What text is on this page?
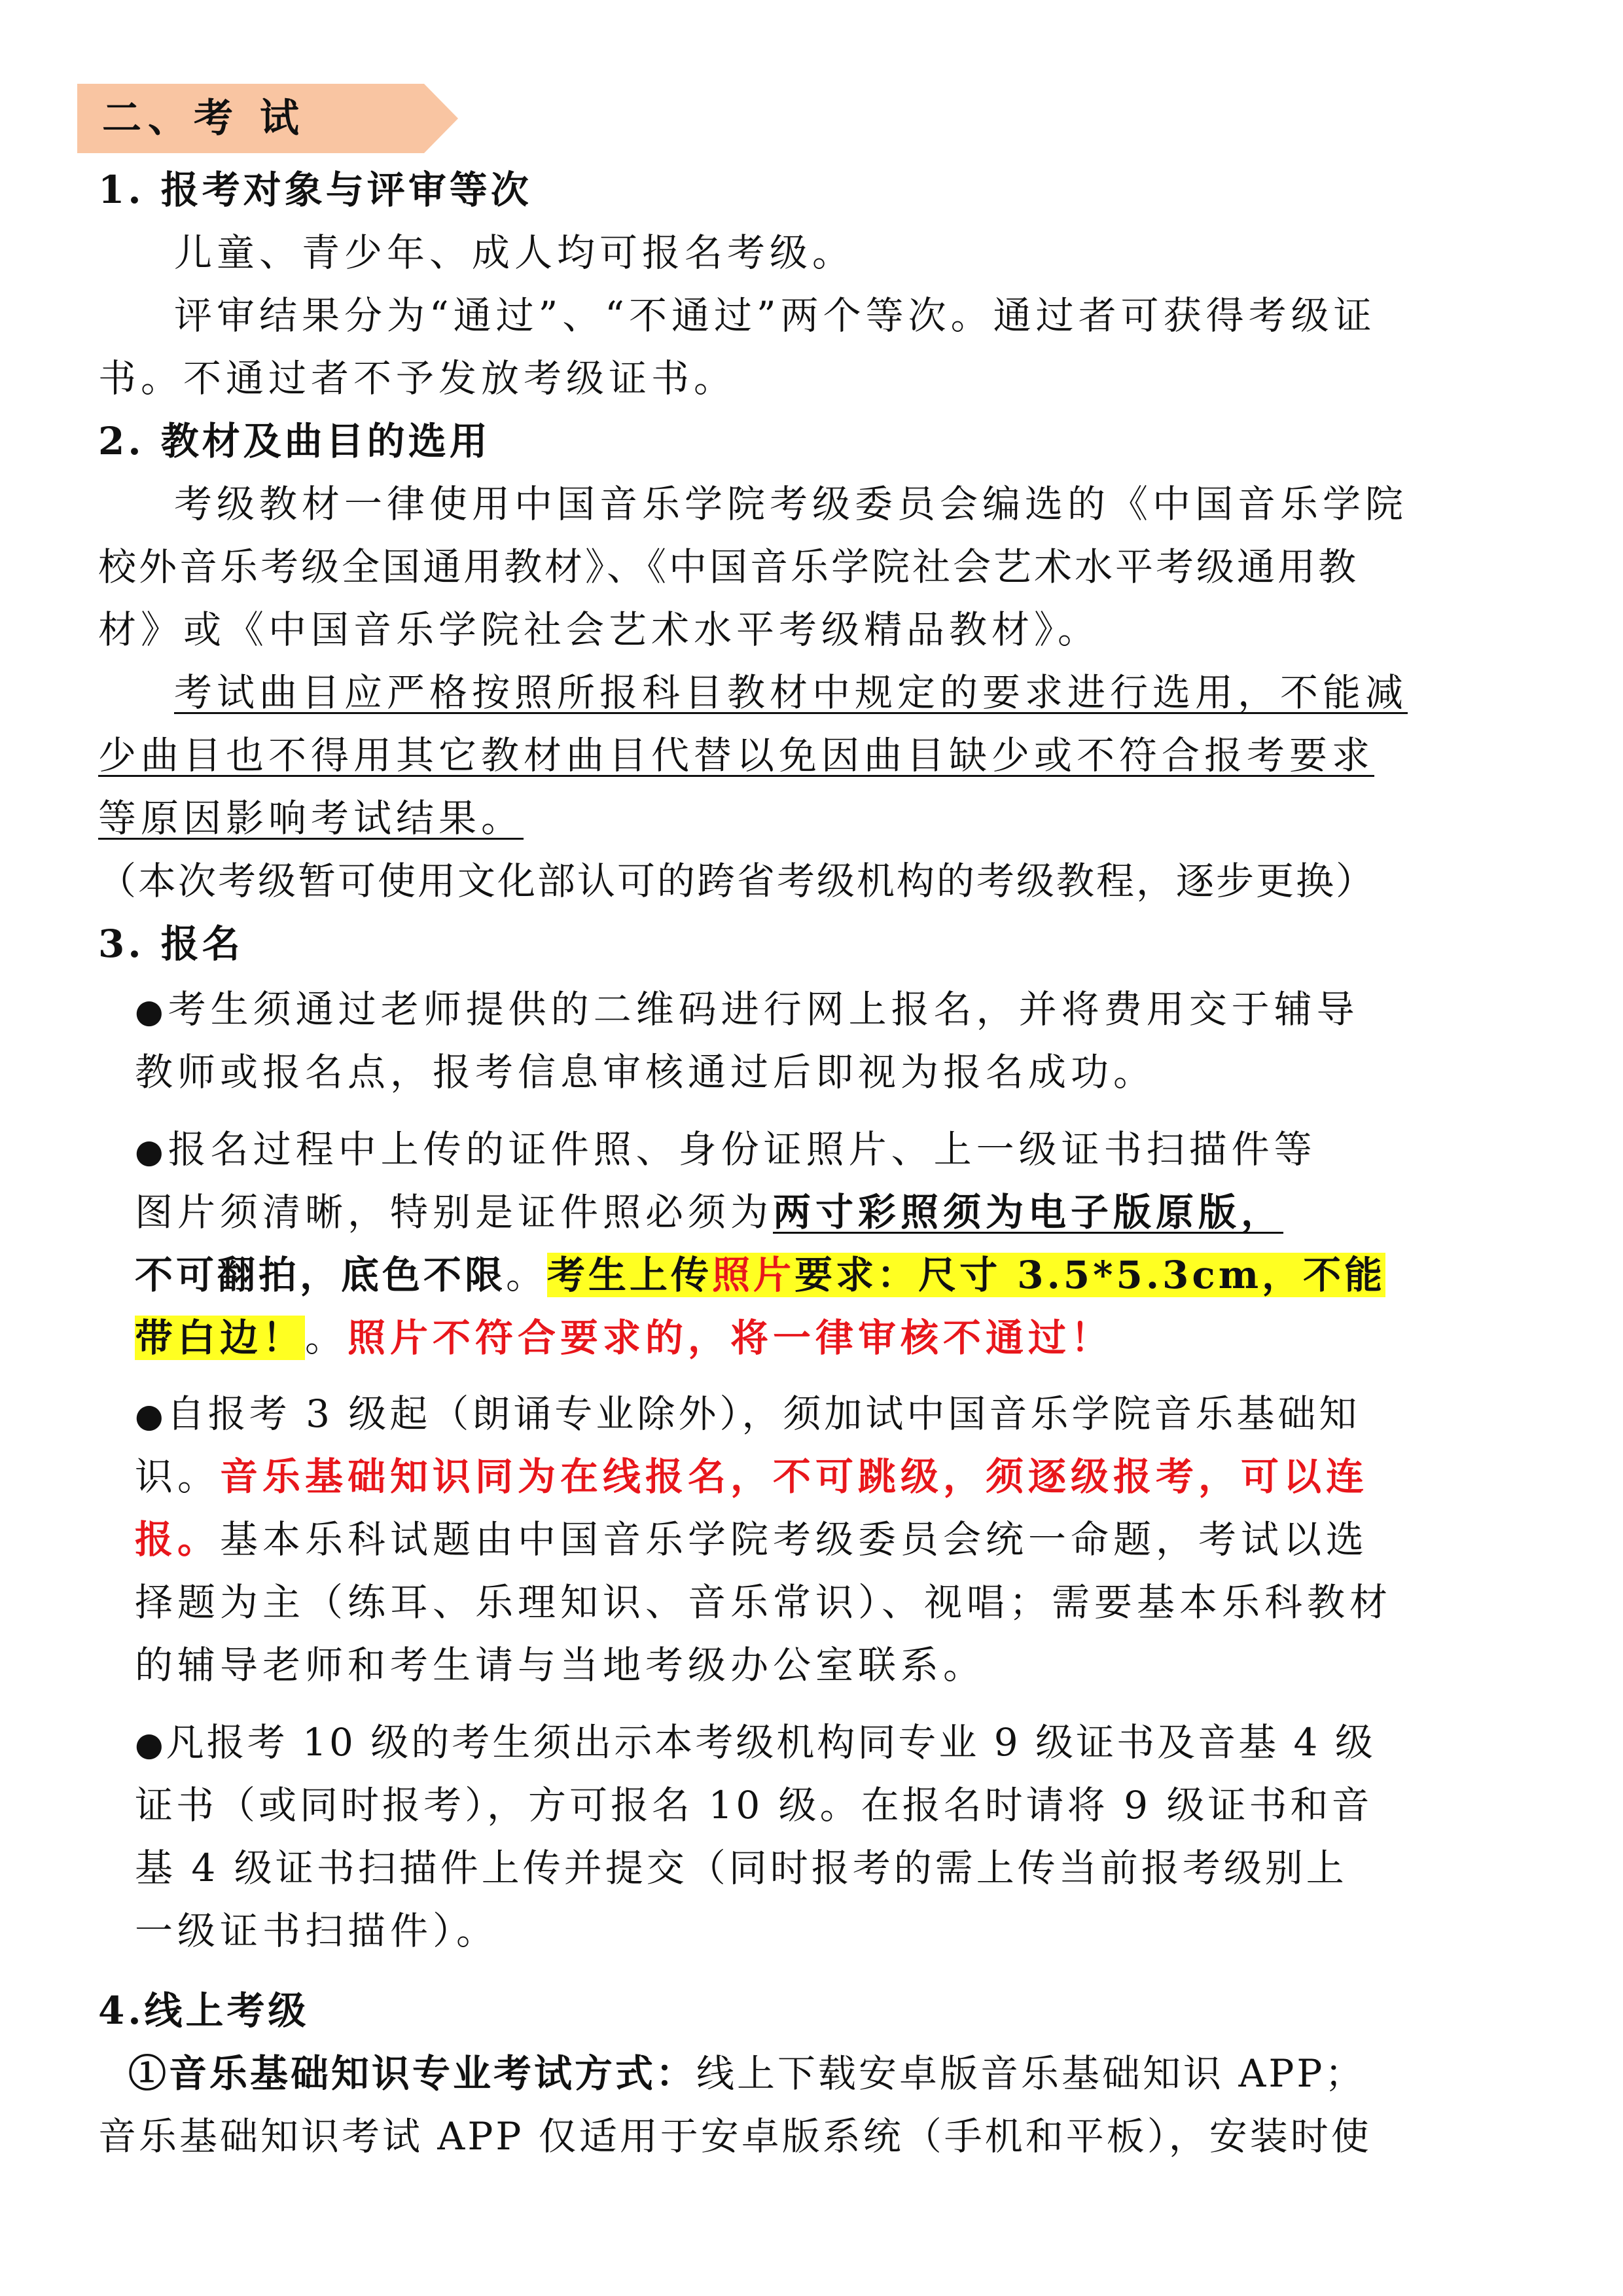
二、考 试
1. 报考对象与评审等次
儿童、青少年、成人均可报名考级。
评审结果分为“通过”、“不通过”两个等次。通过者可获得考级证
书。不通过者不予发放考级证书。
2. 教材及曲目的选用
考级教材一律使用中国音乐学院考级委员会编选的《中国音乐学院
校外音乐考级全国通用教材》、《中国音乐学院社会艺术水平考级通用教
材》或《中国音乐学院社会艺术水平考级精品教材》。
考试曲目应严格按照所报科目教材中规定的要求进行选用，不能减
少曲目也不得用其它教材曲目代替以免因曲目缺少或不符合报考要求
等原因影响考试结果。
（本次考级暂可使用文化部认可的跨省考级机构的考级教程，逐步更换）
3. 报名
●考生须通过老师提供的二维码进行网上报名，并将费用交于辅导
教师或报名点，报考信息审核通过后即视为报名成功。
●报名过程中上传的证件照、身份证照片、上一级证书扫描件等
图片须清晰，特别是证件照必须为两寸彩照须为电子版原版，
不可翻拍，底色不限。考生上传照片要求：尺寸 3.5*5.3cm，不能
带白边！。照片不符合要求的，将一律审核不通过！
●自报考 3 级起（朗诵专业除外），须加试中国音乐学院音乐基础知
识。音乐基础知识同为在线报名，不可跳级，须逐级报考，可以连
报。基本乐科试题由中国音乐学院考级委员会统一命题，考试以选
择题为主（练耳、乐理知识、音乐常识）、视唱；需要基本乐科教材
的辅导老师和考生请与当地考级办公室联系。
●凡报考 10 级的考生须出示本考级机构同专业 9 级证书及音基 4 级
证书（或同时报考），方可报名 10 级。在报名时请将 9 级证书和音
基 4 级证书扫描件上传并提交（同时报考的需上传当前报考级别上
一级证书扫描件）。
4.线上考级
①音乐基础知识专业考试方式：线上下载安卓版音乐基础知识 APP；
音乐基础知识考试 APP 仅适用于安卓版系统（手机和平板），安装时使
